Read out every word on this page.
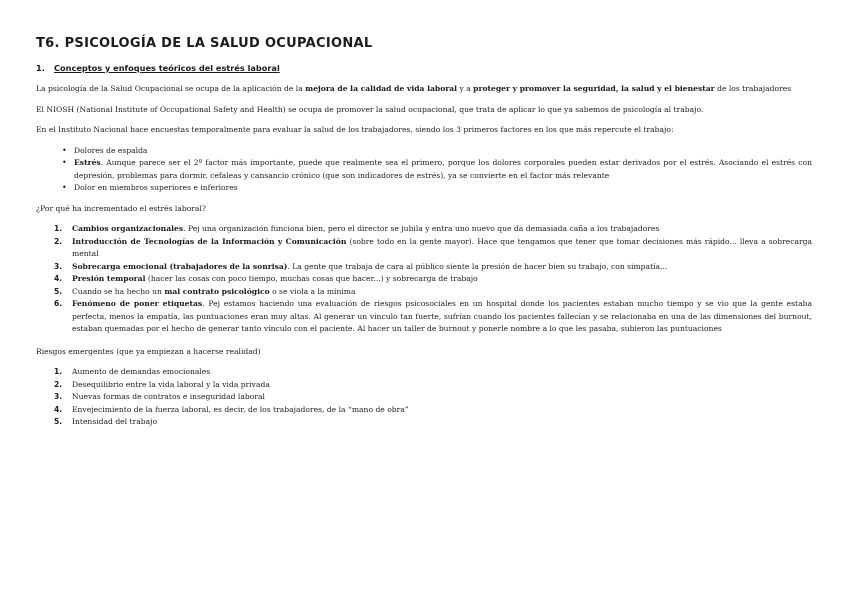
T6. PSICOLOGÍA DE LA SALUD OCUPACIONAL
1. Conceptos y enfoques teóricos del estrés laboral

La psicología de la Salud Ocupacional se ocupa de la aplicación de la mejora de la calidad de vida laboral y a proteger y promover la seguridad, la salud y el bienestar de los trabajadores

El NIOSH (National Institute of Occupational Safety and Health) se ocupa de promover la salud ocupacional, que trata de aplicar lo que ya sabemos de psicología al trabajo.

En el Instituto Nacional hace encuestas temporalmente para evaluar la salud de los trabajadores, siendo los 3 primeros factores en los que más repercute el trabajo:

• Dolores de espalda
• Estrés. Aunque parece ser el 2º factor más importante, puede que realmente sea el primero, porque los dolores corporales pueden estar derivados por el estrés. Asociando el estrés con depresión, problemas para dormir, cefaleas y cansancio crónico (que son indicadores de estrés), ya se convierte en el factor más relevante
• Dolor en miembros superiores e inferiores
¿Por qué ha incrementado el estrés laboral?
1. Cambios organizacionales. Pej una organización funciona bien, pero el director se jubila y entra uno nuevo que da demasiada caña a los trabajadores
2. Introducción de Tecnologías de la Información y Comunicación (sobre todo en la gente mayor). Hace que tengamos que tener que tomar decisiones más rápido... lleva a sobrecarga mental
3. Sobrecarga emocional (trabajadores de la sonrisa). La gente que trabaja de cara al público siente la presión de hacer bien su trabajo, con simpatía...
4. Presión temporal (hacer las cosas con poco tiempo, muchas cosas que hacer...) y sobrecarga de trabajo
5. Cuando se ha hecho un mal contrato psicológico o se viola a la mínima
6. Fenómeno de poner etiquetas. Pej estamos haciendo una evaluación de riesgos psicosociales en un hospital donde los pacientes estaban mucho tiempo y se vio que la gente estaba perfecta, menos la empatía, las puntuaciones eran muy altas. Al generar un vínculo tan fuerte, sufrían cuando los pacientes fallecían y se relacionaba en una de las dimensiones del burnout, estaban quemadas por el hecho de generar tanto vínculo con el paciente. Al hacer un taller de burnout y ponerle nombre a lo que les pasaba, subieron las puntuaciones
Riesgos emergentes (que ya empiezan a hacerse realidad)
1. Aumento de demandas emocionales
2. Desequilibrio entre la vida laboral y la vida privada
3. Nuevas formas de contratos e inseguridad laboral
4. Envejecimiento de la fuerza laboral, es decir, de los trabajadores, de la “mano de obra”
5. Intensidad del trabajo
